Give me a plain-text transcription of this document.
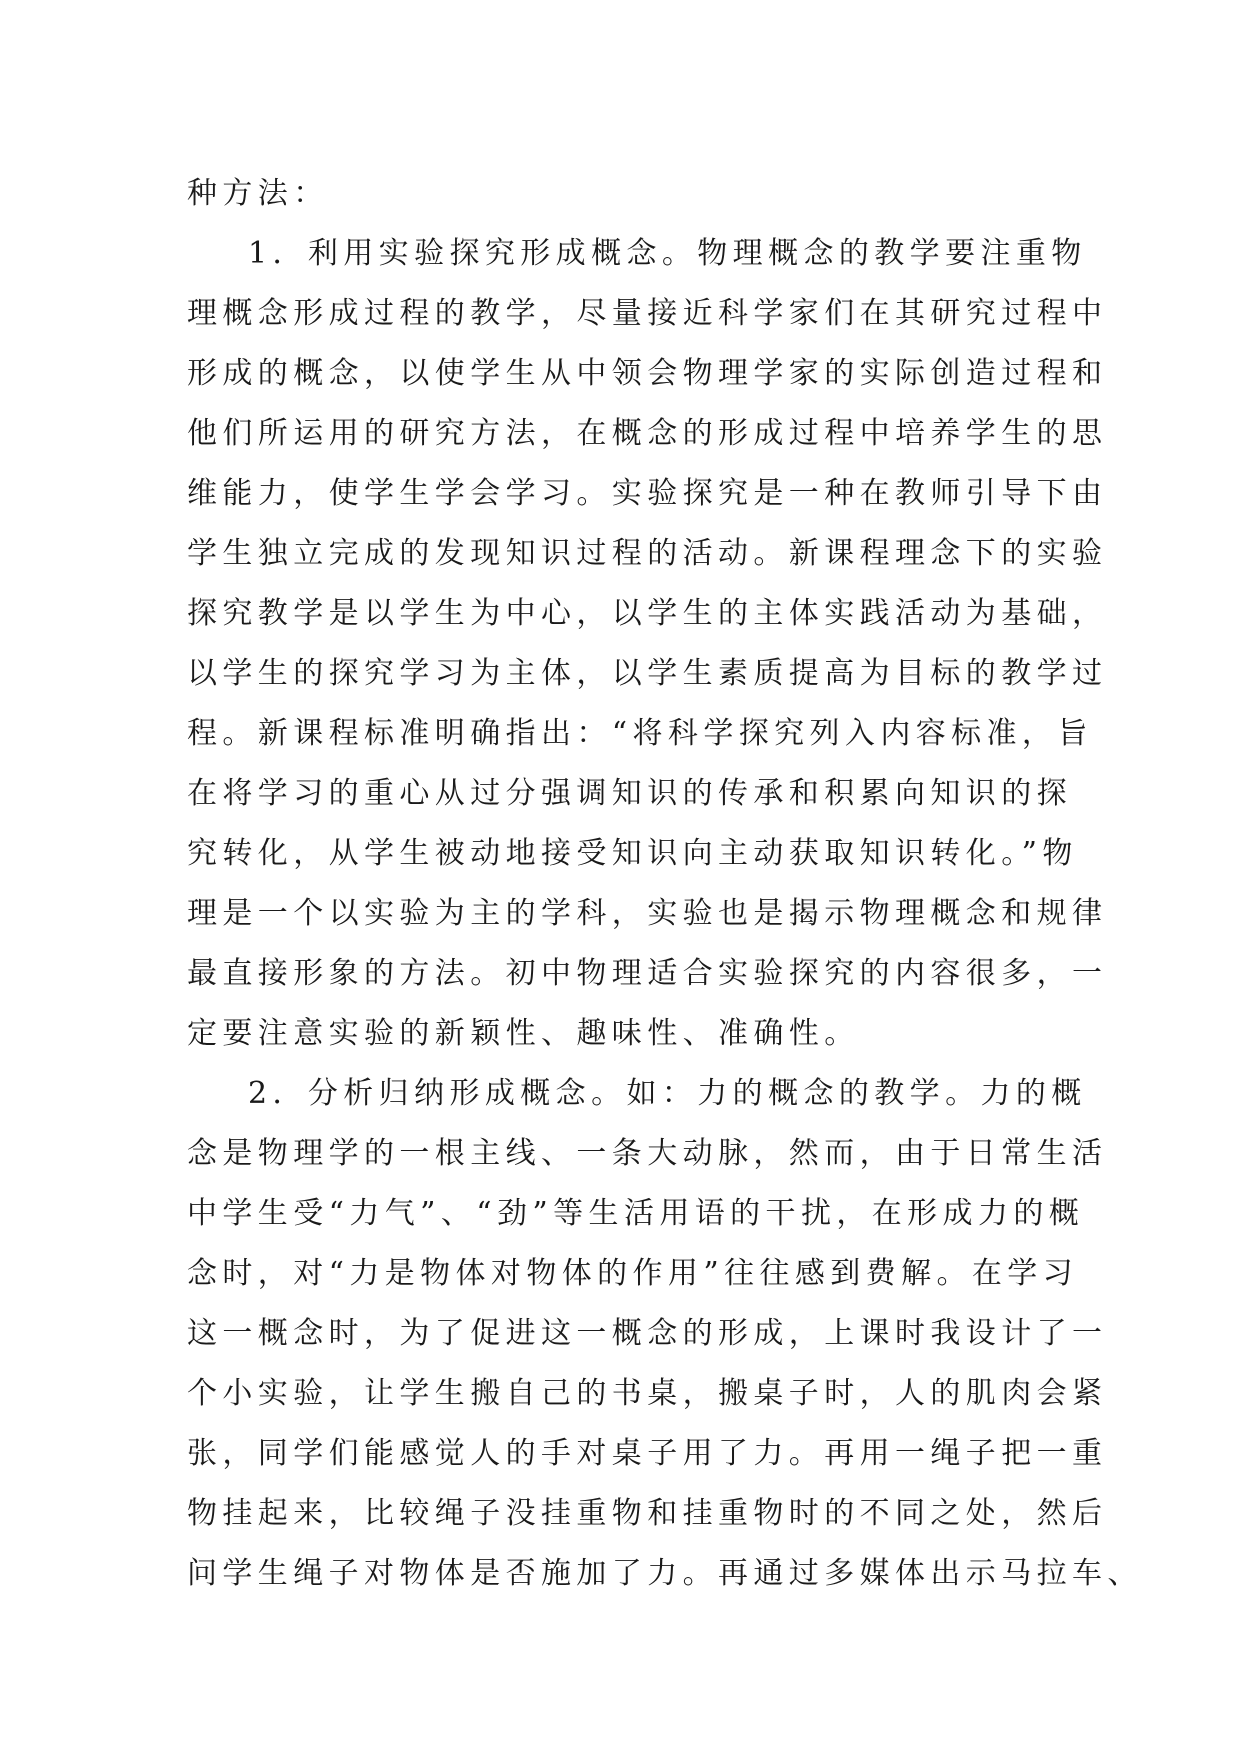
种方法：
1．利用实验探究形成概念。物理概念的教学要注重物
理概念形成过程的教学，尽量接近科学家们在其研究过程中
形成的概念，以使学生从中领会物理学家的实际创造过程和
他们所运用的研究方法，在概念的形成过程中培养学生的思
维能力，使学生学会学习。实验探究是一种在教师引导下由
学生独立完成的发现知识过程的活动。新课程理念下的实验
探究教学是以学生为中心，以学生的主体实践活动为基础，
以学生的探究学习为主体，以学生素质提高为目标的教学过
程。新课程标准明确指出：“将科学探究列入内容标准，旨
在将学习的重心从过分强调知识的传承和积累向知识的探
究转化，从学生被动地接受知识向主动获取知识转化。”物
理是一个以实验为主的学科，实验也是揭示物理概念和规律
最直接形象的方法。初中物理适合实验探究的内容很多，一
定要注意实验的新颖性、趣味性、准确性。
2．分析归纳形成概念。如：力的概念的教学。力的概
念是物理学的一根主线、一条大动脉，然而，由于日常生活
中学生受“力气”、“劲”等生活用语的干扰，在形成力的概
念时，对“力是物体对物体的作用”往往感到费解。在学习
这一概念时，为了促进这一概念的形成，上课时我设计了一
个小实验，让学生搬自己的书桌，搬桌子时，人的肌肉会紧
张，同学们能感觉人的手对桌子用了力。再用一绳子把一重
物挂起来，比较绳子没挂重物和挂重物时的不同之处，然后
问学生绳子对物体是否施加了力。再通过多媒体出示马拉车、
